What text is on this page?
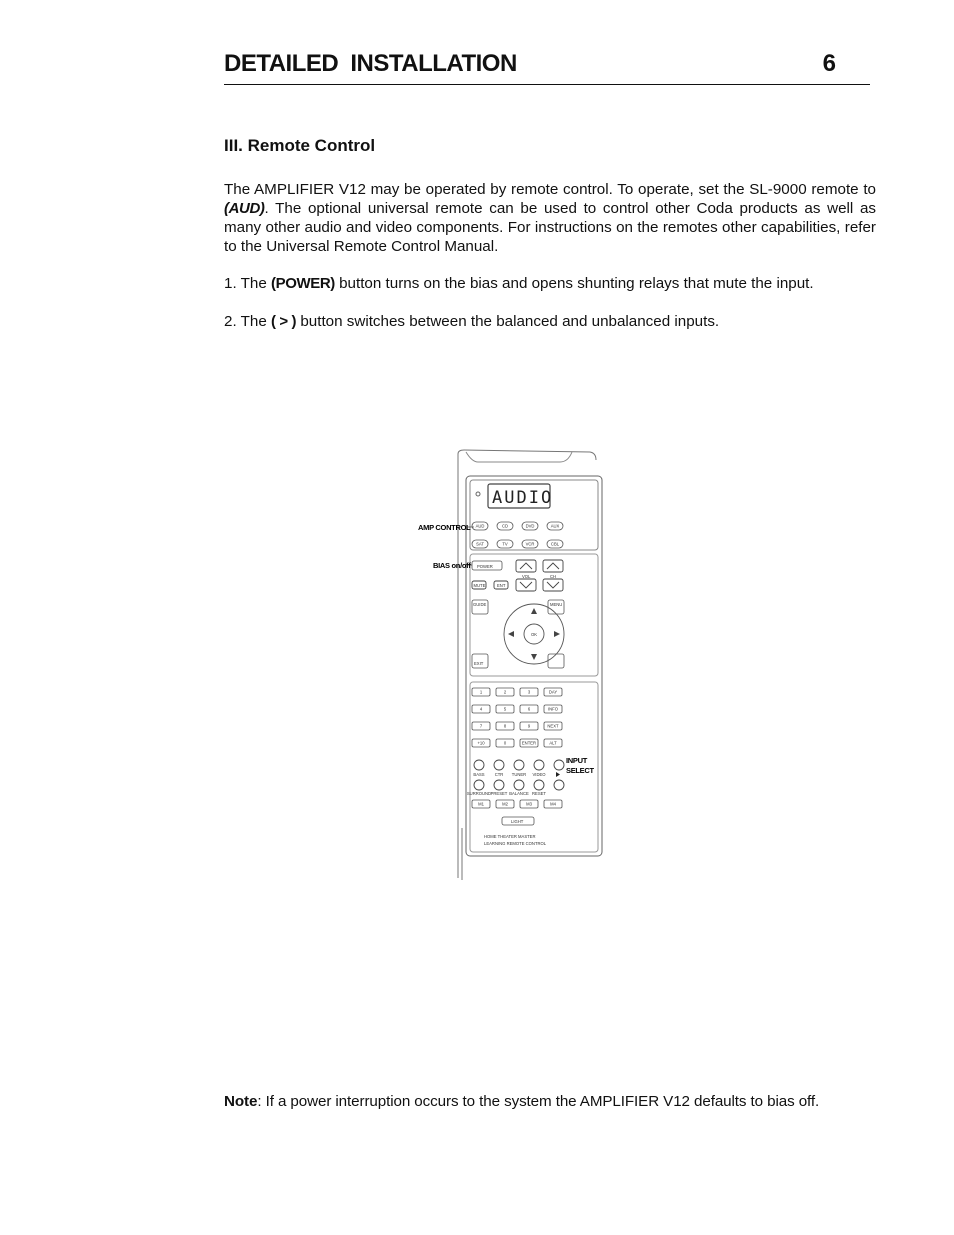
DETAILED INSTALLATION	6
III. Remote Control
The AMPLIFIER V12 may be operated by remote control. To operate, set the SL-9000 remote to (AUD). The optional universal remote can be used to control other Coda products as well as many other audio and video components. For instructions on the remotes other capabilities, refer to the Universal Remote Control Manual.
1. The (POWER) button turns on the bias and opens shunting relays that mute the input.
2. The ( > ) button switches between the balanced and unbalanced inputs.
AUDIO
AUD	CD	DVD	AUX
SAT	TV	VCR	CBL
OK
GUIDE	MENU
EXIT
1	2	3	DAY
4	5	6	INFO
7	8	9	NEXT
+10	0	ENTER	ALT
BASS CTR TUNER VIDEO
SURROUND PRESET BALANCE RESET
M1	M2	M3	M4
POWER
VOL	CH
MUTE	ENT
LIGHT
HOME THEATER MASTER
LEARNING REMOTE CONTROL
AMP CONTROL
BIAS on/off
INPUT
SELECT
Note: If a power interruption occurs to the system the AMPLIFIER V12 defaults to bias off.
